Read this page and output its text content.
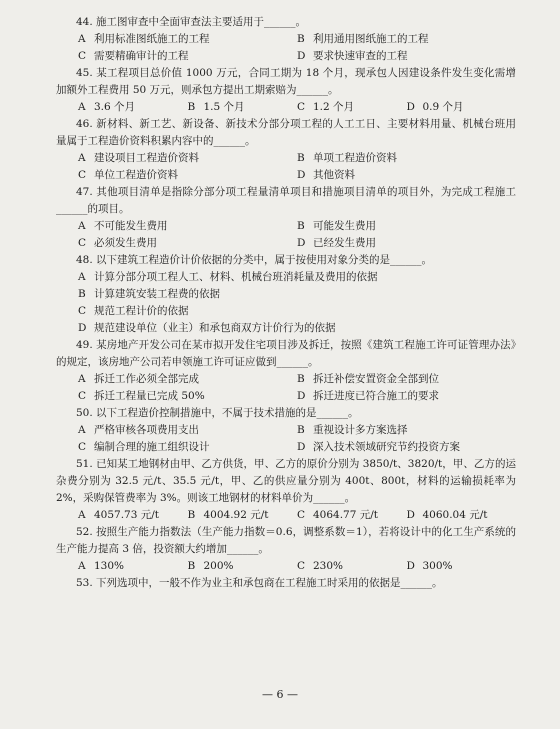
44. 施工图审查中全面审查法主要适用于______。

A 利用标准图纸施工的工程	B 利用通用图纸施工的工程
C 需要精确审计的工程	D 要求快速审查的工程

45. 某工程项目总价值 1000 万元，合同工期为 18 个月，现承包人因建设条件发生变化需增加额外工程费用 50 万元，则承包方提出工期索赔为______。

A 3.6 个月	B 1.5 个月	C 1.2 个月	D 0.9 个月

46. 新材料、新工艺、新设备、新技术分部分项工程的人工工日、主要材料用量、机械台班用量属于工程造价资料积累内容中的______。

A 建设项目工程造价资料	B 单项工程造价资料
C 单位工程造价资料	D 其他资料

47. 其他项目清单是指除分部分项工程量清单项目和措施项目清单的项目外，为完成工程施工______的项目。

A 不可能发生费用	B 可能发生费用
C 必须发生费用	D 已经发生费用

48. 以下建筑工程造价计价依据的分类中，属于按使用对象分类的是______。

A 计算分部分项工程人工、材料、机械台班消耗量及费用的依据
B 计算建筑安装工程费的依据
C 规范工程计价的依据
D 规范建设单位（业主）和承包商双方计价行为的依据

49. 某房地产开发公司在某市拟开发住宅项目涉及拆迁，按照《建筑工程施工许可证管理办法》的规定，该房地产公司若申领施工许可证应做到______。

A 拆迁工作必须全部完成	B 拆迁补偿安置资金全部到位
C 拆迁工程量已完成 50%	D 拆迁进度已符合施工的要求

50. 以下工程造价控制措施中，不属于技术措施的是______。

A 严格审核各项费用支出	B 重视设计多方案选择
C 编制合理的施工组织设计	D 深入技术领域研究节约投资方案

51. 已知某工地钢材由甲、乙方供货，甲、乙方的原价分别为 3850/t、3820/t，甲、乙方的运杂费分别为 32.5 元/t、35.5 元/t，甲、乙的供应量分别为 400t、800t，材料的运输损耗率为 2%，采购保管费率为 3%。则该工地钢材的材料单价为______。

A 4057.73 元/t	B 4004.92 元/t	C 4064.77 元/t	D 4060.04 元/t

52. 按照生产能力指数法（生产能力指数＝0.6，调整系数＝1），若将设计中的化工生产系统的生产能力提高 3 倍，投资额大约增加______。

A 130%	B 200%	C 230%	D 300%

53. 下列选项中，一般不作为业主和承包商在工程施工时采用的依据是______。

— 6 —
